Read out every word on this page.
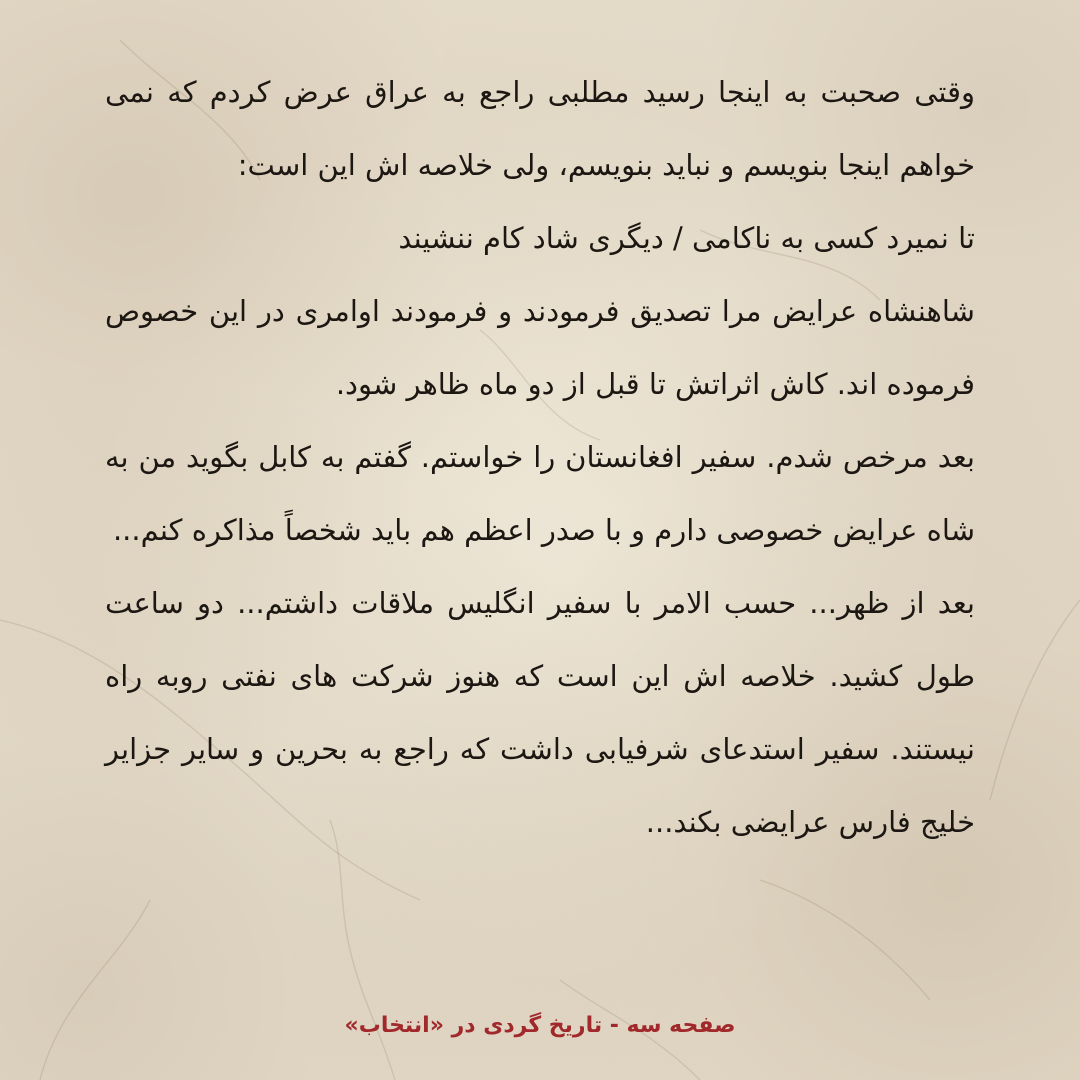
وقتی صحبت به اینجا رسید مطلبی راجع به عراق عرض کردم که نمی خواهم اینجا بنویسم و نباید بنویسم، ولی خلاصه اش این است:

تا نمیرد کسی به ناکامی / دیگری شاد کام ننشیند

شاهنشاه عرایض مرا تصدیق فرمودند و فرمودند اوامری در این خصوص فرموده اند. کاش اثراتش تا قبل از دو ماه ظاهر شود.

بعد مرخص شدم. سفیر افغانستان را خواستم. گفتم به کابل بگوید من به شاه عرایض خصوصی دارم و با صدر اعظم هم باید شخصاً مذاکره کنم...

بعد از ظهر... حسب الامر با سفیر انگلیس ملاقات داشتم... دو ساعت طول کشید. خلاصه اش این است که هنوز شرکت های نفتی روبه راه نیستند. سفیر استدعای شرفیابی داشت که راجع به بحرین و سایر جزایر خلیج فارس عرایضی بکند...

صفحه سه - تاریخ گردی در «انتخاب»
